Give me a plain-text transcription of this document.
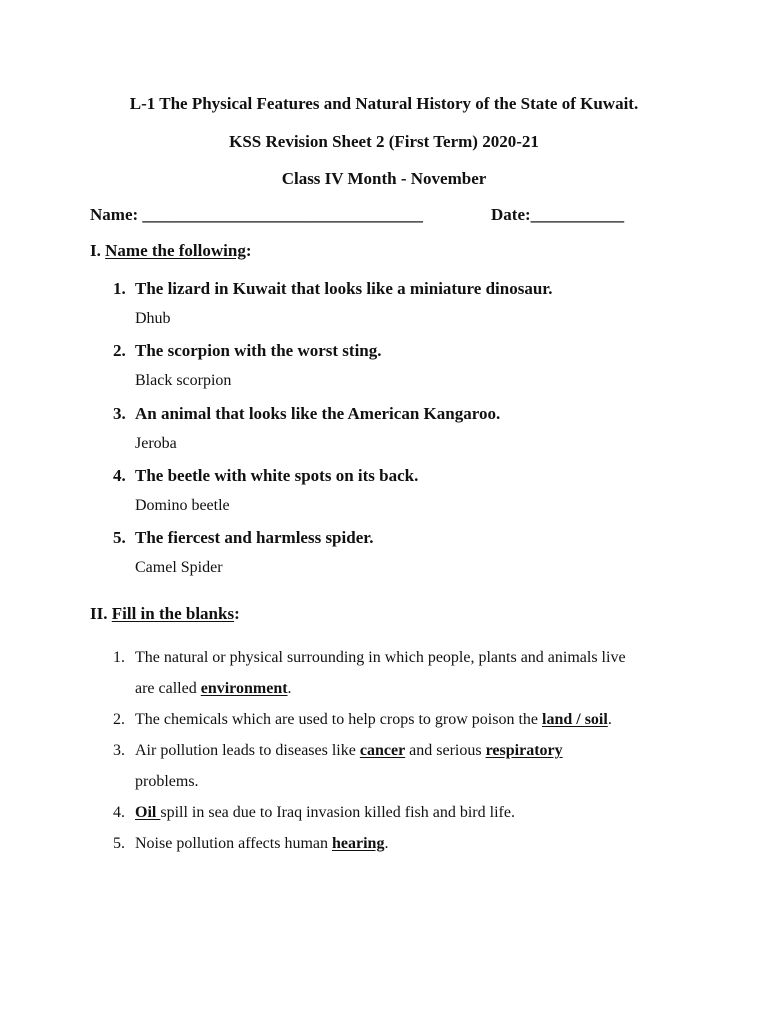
L-1 The Physical Features and Natural History of the State of Kuwait.
KSS Revision Sheet 2 (First Term) 2020-21
Class IV Month - November
Name: _________________________________	Date:___________
I. Name the following:
1. The lizard in Kuwait that looks like a miniature dinosaur.
Dhub
2. The scorpion with the worst sting.
Black scorpion
3. An animal that looks like the American Kangaroo.
Jeroba
4. The beetle with white spots on its back.
Domino beetle
5. The fiercest and harmless spider.
Camel Spider
II. Fill in the blanks:
1. The natural or physical surrounding in which people, plants and animals live
are called environment.
2. The chemicals which are used to help crops to grow poison the land / soil.
3. Air pollution leads to diseases like cancer and serious respiratory
problems.
4. Oil spill in sea due to Iraq invasion killed fish and bird life.
5. Noise pollution affects human hearing.
